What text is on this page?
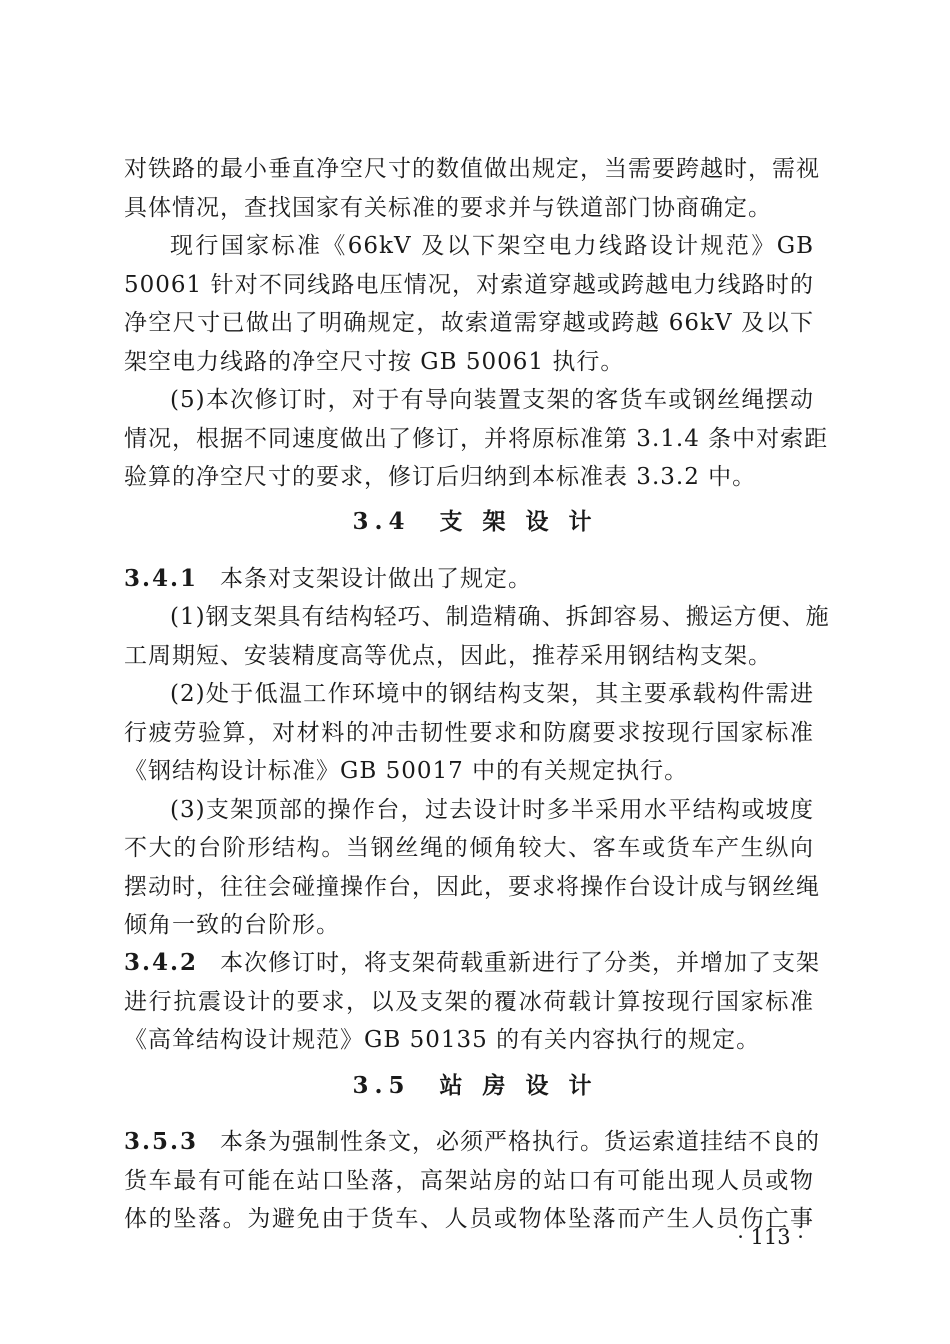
对铁路的最小垂直净空尺寸的数值做出规定，当需要跨越时，需视
具体情况，查找国家有关标准的要求并与铁道部门协商确定。
现行国家标准《66kV 及以下架空电力线路设计规范》GB
50061 针对不同线路电压情况，对索道穿越或跨越电力线路时的
净空尺寸已做出了明确规定，故索道需穿越或跨越 66kV 及以下
架空电力线路的净空尺寸按 GB 50061 执行。
(5)本次修订时，对于有导向装置支架的客货车或钢丝绳摆动
情况，根据不同速度做出了修订，并将原标准第 3.1.4 条中对索距
验算的净空尺寸的要求，修订后归纳到本标准表 3.3.2 中。
3.4　支 架 设 计
3.4.1 本条对支架设计做出了规定。
(1)钢支架具有结构轻巧、制造精确、拆卸容易、搬运方便、施
工周期短、安装精度高等优点，因此，推荐采用钢结构支架。
(2)处于低温工作环境中的钢结构支架，其主要承载构件需进
行疲劳验算，对材料的冲击韧性要求和防腐要求按现行国家标准
《钢结构设计标准》GB 50017 中的有关规定执行。
(3)支架顶部的操作台，过去设计时多半采用水平结构或坡度
不大的台阶形结构。当钢丝绳的倾角较大、客车或货车产生纵向
摆动时，往往会碰撞操作台，因此，要求将操作台设计成与钢丝绳
倾角一致的台阶形。
3.4.2 本次修订时，将支架荷载重新进行了分类，并增加了支架
进行抗震设计的要求，以及支架的覆冰荷载计算按现行国家标准
《高耸结构设计规范》GB 50135 的有关内容执行的规定。
3.5　站 房 设 计
3.5.3 本条为强制性条文，必须严格执行。货运索道挂结不良的
货车最有可能在站口坠落，高架站房的站口有可能出现人员或物
体的坠落。为避免由于货车、人员或物体坠落而产生人员伤亡事
· 113 ·
